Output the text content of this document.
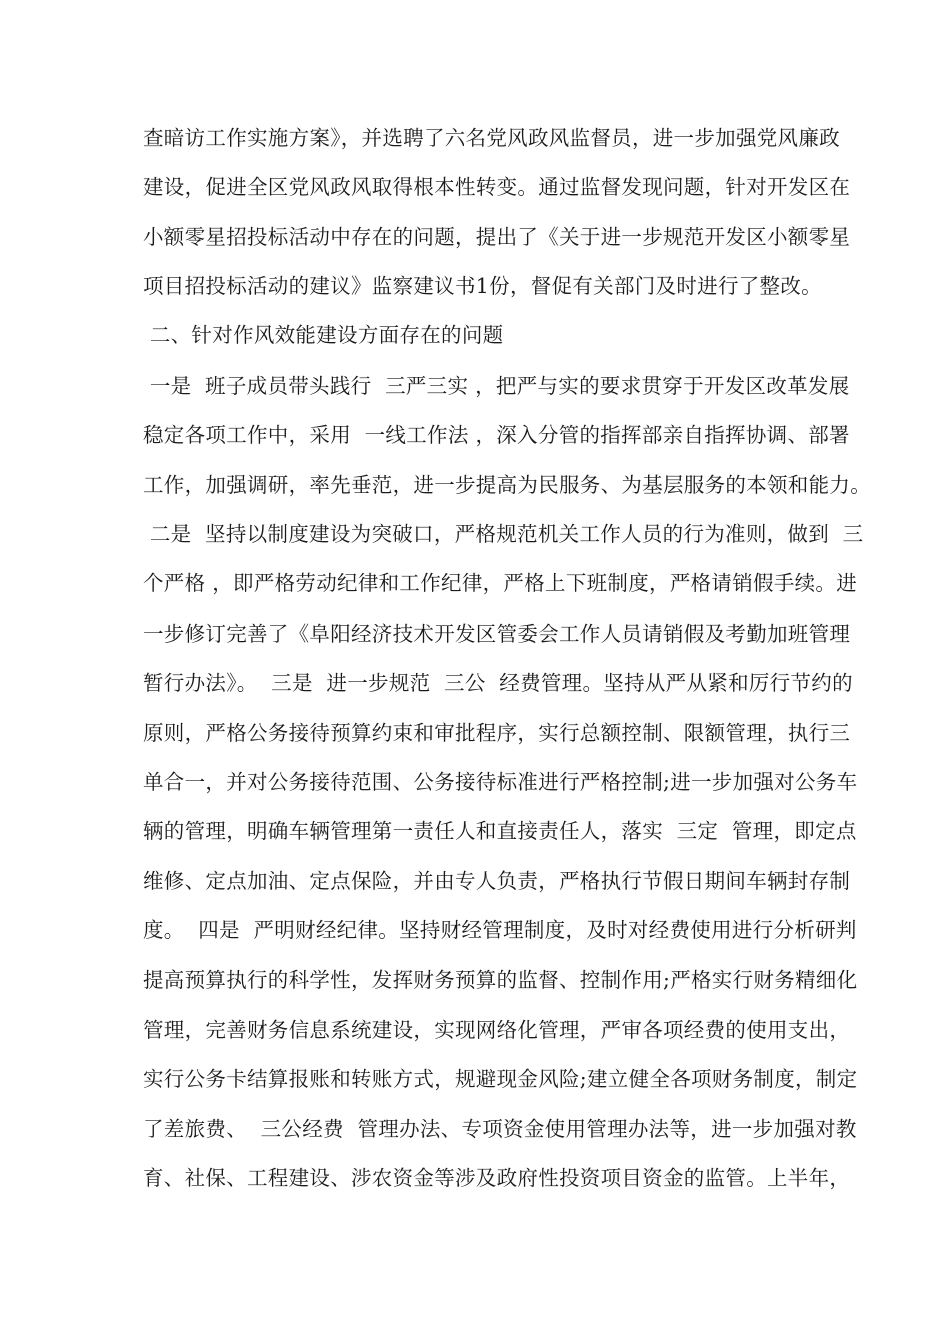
查暗访工作实施方案》，并选聘了六名党风政风监督员，进一步加强党风廉政
建设，促进全区党风政风取得根本性转变。通过监督发现问题，针对开发区在
小额零星招投标活动中存在的问题，提出了《关于进一步规范开发区小额零星
项目招投标活动的建议》监察建议书1份，督促有关部门及时进行了整改。
二、针对作风效能建设方面存在的问题
一是  班子成员带头践行  三严三实 ，把严与实的要求贯穿于开发区改革发展
稳定各项工作中，采用  一线工作法 ，深入分管的指挥部亲自指挥协调、部署
工作，加强调研，率先垂范，进一步提高为民服务、为基层服务的本领和能力。
二是  坚持以制度建设为突破口，严格规范机关工作人员的行为准则，做到  三
个严格 ，即严格劳动纪律和工作纪律，严格上下班制度，严格请销假手续。进
一步修订完善了《阜阳经济技术开发区管委会工作人员请销假及考勤加班管理
暂行办法》。  三是  进一步规范  三公  经费管理。坚持从严从紧和厉行节约的
原则，严格公务接待预算约束和审批程序，实行总额控制、限额管理，执行三
单合一，并对公务接待范围、公务接待标准进行严格控制;进一步加强对公务车
辆的管理，明确车辆管理第一责任人和直接责任人，落实  三定  管理，即定点
维修、定点加油、定点保险，并由专人负责，严格执行节假日期间车辆封存制
度。  四是  严明财经纪律。坚持财经管理制度，及时对经费使用进行分析研判
提高预算执行的科学性，发挥财务预算的监督、控制作用;严格实行财务精细化
管理，完善财务信息系统建设，实现网络化管理，严审各项经费的使用支出，
实行公务卡结算报账和转账方式，规避现金风险;建立健全各项财务制度，制定
了差旅费、  三公经费  管理办法、专项资金使用管理办法等，进一步加强对教
育、社保、工程建设、涉农资金等涉及政府性投资项目资金的监管。上半年，
